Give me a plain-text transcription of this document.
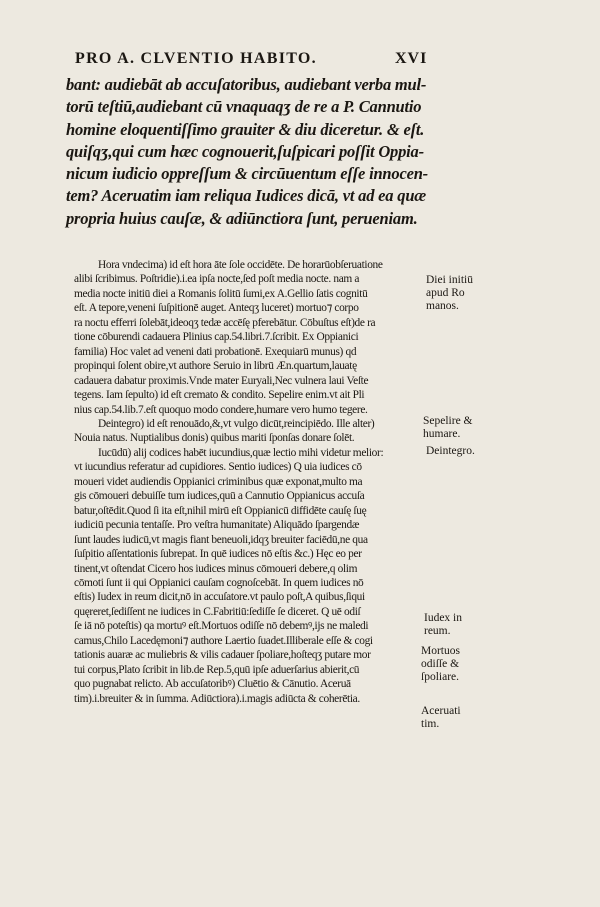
PRO A. CLVENTIO HABITO.	XVI
bant: audiebāt ab accuſatoribus, audiebant verba mul‑
torū teſtiū,audiebant cū vnaquaqʒ de re a P. Cannutio
homine eloquentiſſimo grauiter & diu diceretur. & eſt.
quiſqʒ,qui cum hæc cognouerit,ſuſpicari poſſit Oppia‑
nicum iudicio oppreſſum & circūuentum eſſe innocen‑
tem? Aceruatim iam reliqua Iudices dicā, vt ad ea quæ
propria huius cauſæ, & adiūnctiora ſunt, perueniam.
Hora vndecima) id eſt hora āte ſole occidēte. De horarūobſeruatione
alibi ſcribimus. Poſtridie).i.ea ipſa nocte,ſed poſt media nocte. nam a
media nocte initiū diei a Romanis ſolitū ſumi,ex A.Gellio ſatis cognitū
eſt. A tepore,veneni ſuſpitionē auget. Anteqʒ luceret) mortuo⁊ corpo
ra noctu efferri ſolebāt,ideoqʒ tedæ accēſę pferebātur. Cōbuſtus eſt)de ra
tione cōburendi cadauera Plinius cap.54.libri.7.ſcribit. Ex Oppianici
familia) Hoc valet ad veneni dati probationē. Exequiarū munus) qd
propinqui ſolent obire,vt authore Seruio in librū Æn.quartum,lauatę
cadauera dabatur proximis.Vnde mater Euryali,Nec vulnera laui Veſte
tegens. Iam ſepulto) id eſt cremato & condito. Sepelire enim.vt ait Pli
nius cap.54.lib.7.eſt quoquo modo condere,humare vero humo tegere.
Deintegro) id eſt renouādo,&,vt vulgo dicūt,reincipiēdo. Ille alter)
Nouia natus. Nuptialibus donis) quibus mariti ſponſas donare ſolēt.
Iucūdū) alij codices habēt iucundius,quæ lectio mihi videtur melior:
vt iucundius referatur ad cupidiores. Sentio iudices) Q uia iudices cō
moueri videt audiendis Oppianici criminibus quæ exponat,multo ma
gis cōmoueri debuiſſe tum iudices,quū a Cannutio Oppianicus accuſa
batur,oſtēdit.Quod ſi ita eſt,nihil mirū eſt Oppianicū diffidēte cauſę ſuę
iudiciū pecunia tentaſſe. Pro veſtra humanitate) Aliquādo ſpargendæ
ſunt laudes iudicū,vt magis fiant beneuoli,idqʒ breuiter faciēdū,ne qua
ſuſpitio aſſentationis ſubrepat. In quē iudices nō eſtis &c.) Hęc eo per
tinent,vt oſtendat Cicero hos iudices minus cōmoueri debere,q olim
cōmoti ſunt ii qui Oppianici cauſam cognoſcebāt. In quem iudices nō
eſtis) Iudex in reum dicit,nō in accuſatore.vt paulo poſt,A quibus,ſiqui
quęreret,ſediſſent ne iudices in C.Fabritiū:ſediſſe ſe diceret. Q uē odiſ
ſe iā nō poteſtis) qa mortuꝰ eſt.Mortuos odiſſe nō debemꝰ,ijs ne maledi
camus,Chilo Lacedęmoni⁊ authore Laertio ſuadet.Illiberale eſſe & cogi
tationis auaræ ac muliebris & vilis cadauer ſpoliare,hoſteqʒ putare mor
tui corpus,Plato ſcribit in lib.de Rep.5,quū ipſe aduerſarius abierit,cū
quo pugnabat relicto. Ab accuſatoribꝰ) Cluētio & Cānutio. Aceruā
tim).i.breuiter & in ſumma. Adiūctiora).i.magis adiūcta & coherētia.
Diei initiū
apud Ro
manos.
Sepelire &
humare.
Deintegro.
Iudex in
reum.
Mortuos
odiſſe &
ſpoliare.
Aceruati
tim.
